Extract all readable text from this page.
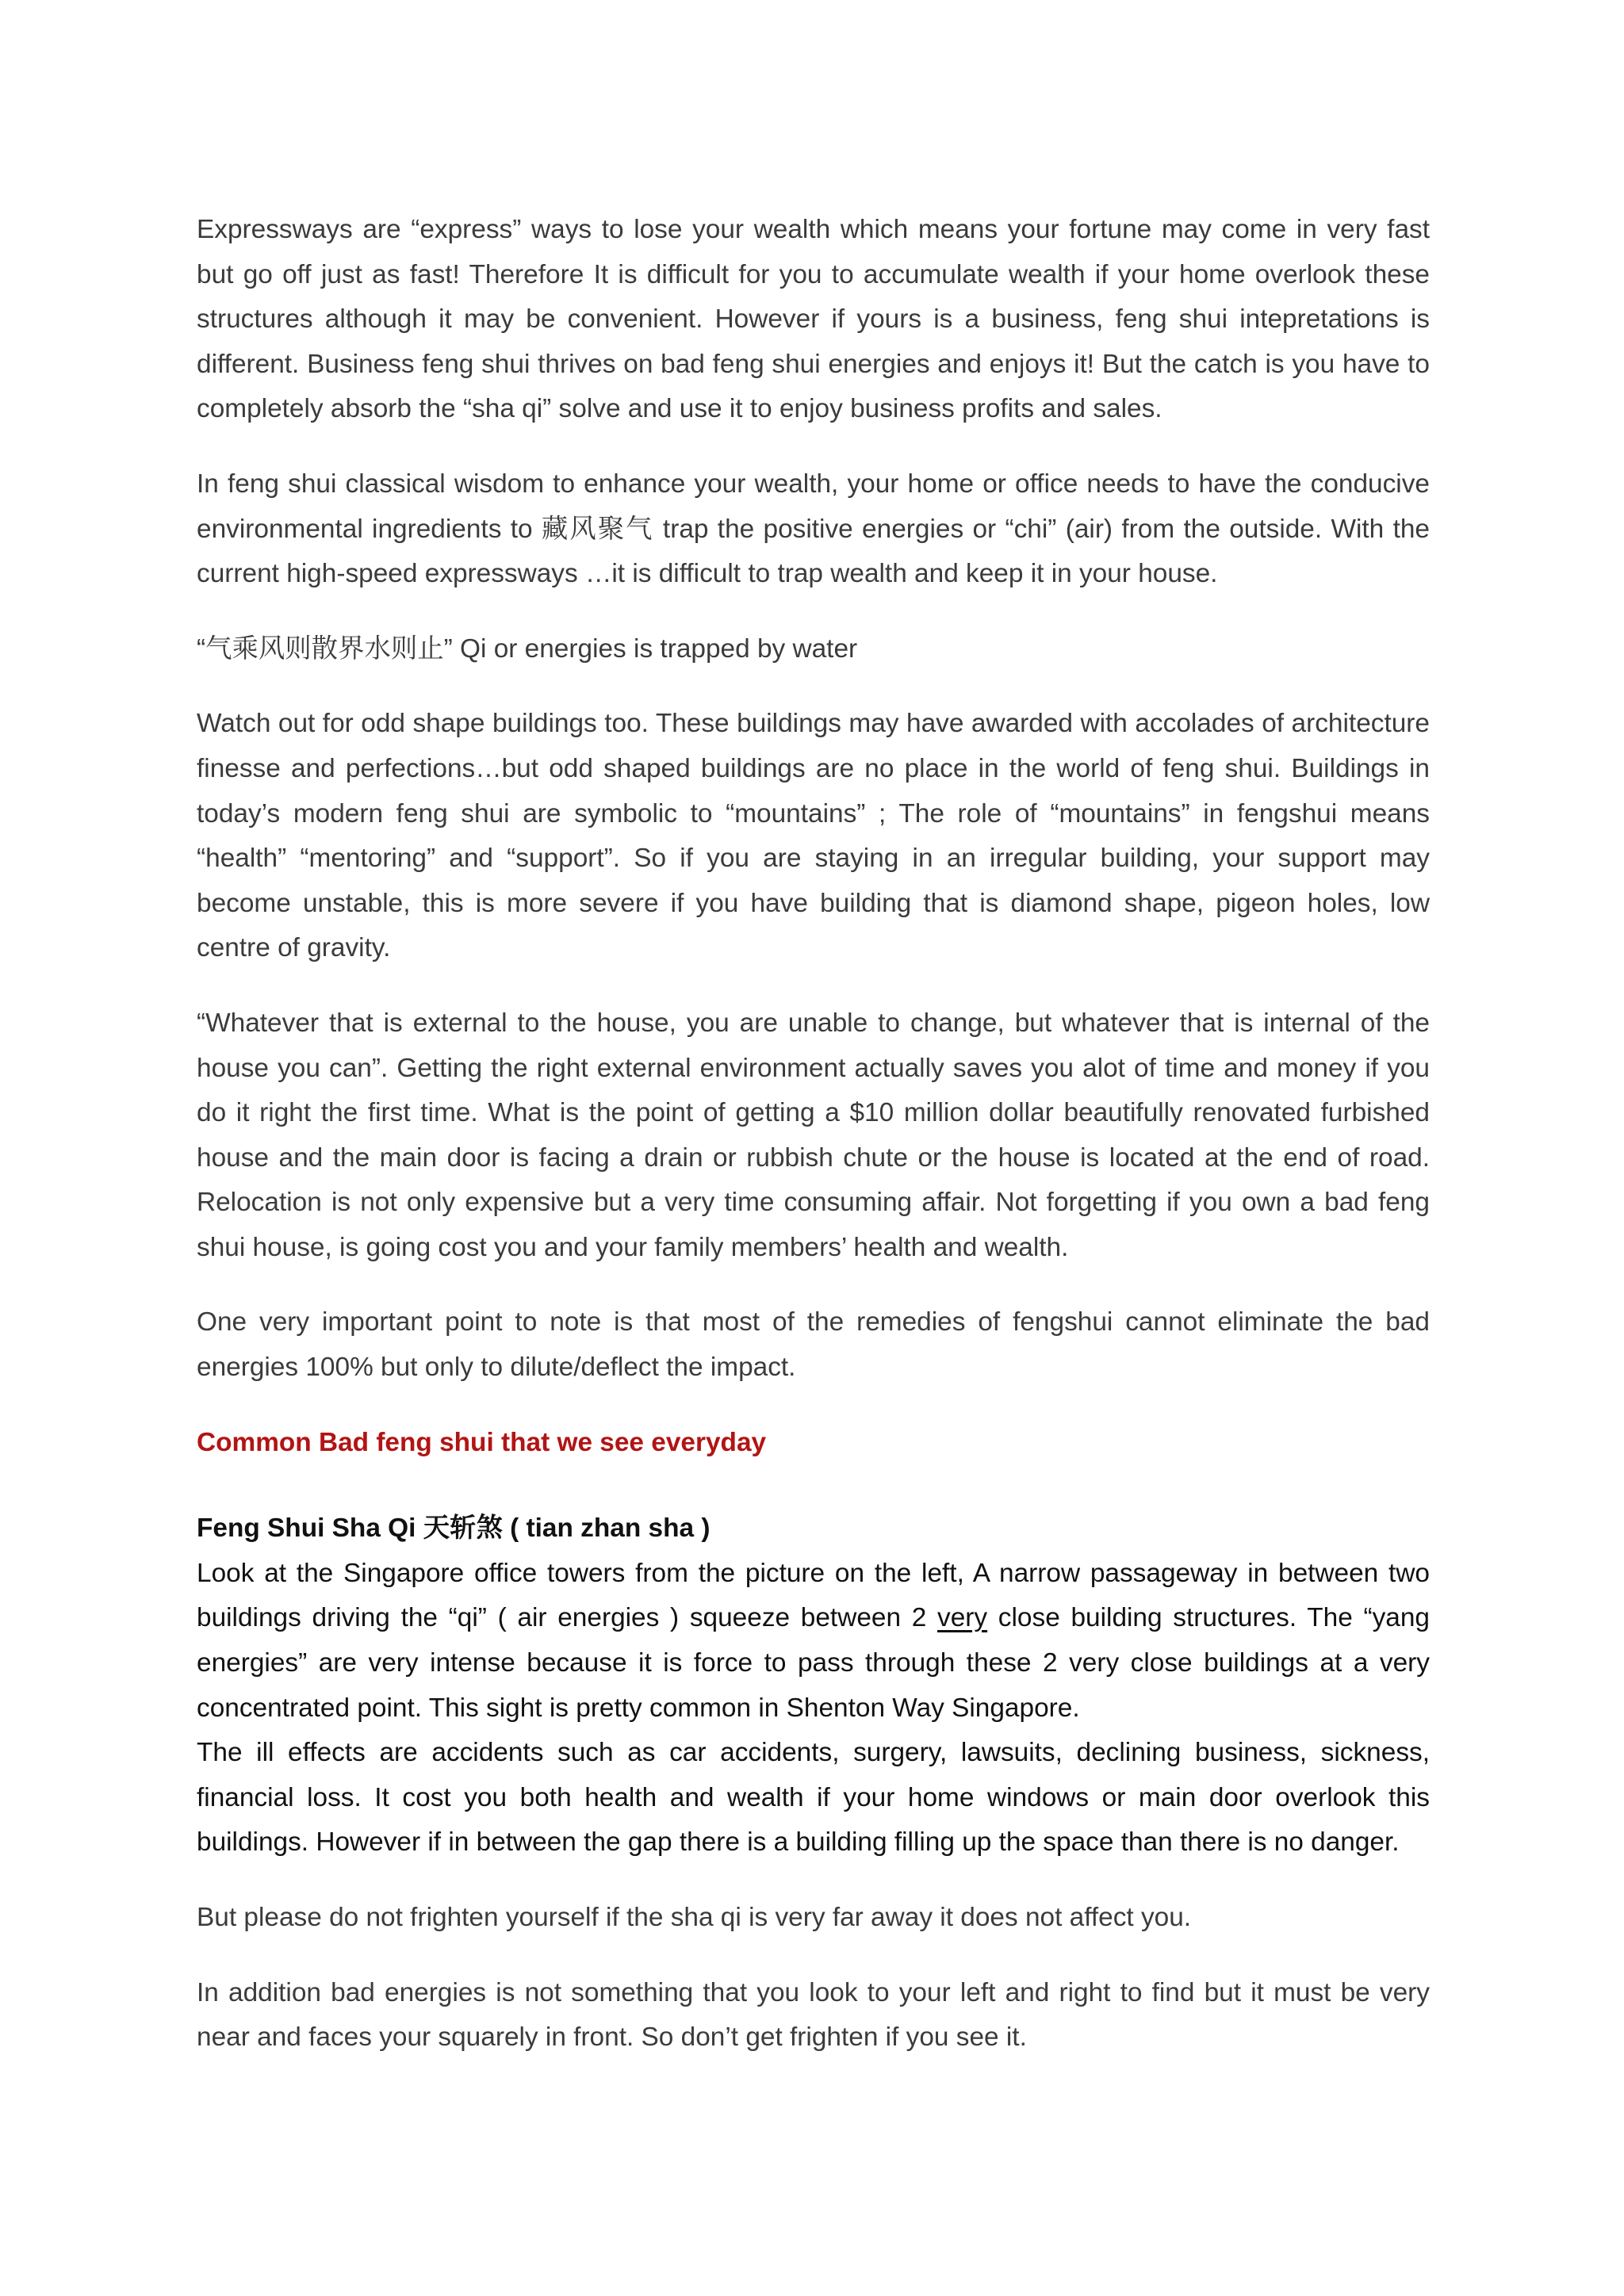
Expressways are “express” ways to lose your wealth which means your fortune may come in very fast but go off just as fast! Therefore It is difficult for you to accumulate wealth if your home overlook these structures although it may be convenient. However if yours is a business, feng shui intepretations is different. Business feng shui thrives on bad feng shui energies and enjoys it! But the catch is you have to completely absorb the “sha qi” solve and use it to enjoy business profits and sales.

In feng shui classical wisdom to enhance your wealth, your home or office needs to have the conducive environmental ingredients to 藏风聚气 trap the positive energies or “chi” (air) from the outside. With the current high-speed expressways …it is difficult to trap wealth and keep it in your house.

“气乘风则散界水则止” Qi or energies is trapped by water

Watch out for odd shape buildings too. These buildings may have awarded with accolades of architecture finesse and perfections…but odd shaped buildings are no place in the world of feng shui. Buildings in today’s modern feng shui are symbolic to “mountains” ; The role of “mountains” in fengshui means “health” “mentoring” and “support”. So if you are staying in an irregular building, your support may become unstable, this is more severe if you have building that is diamond shape, pigeon holes, low centre of gravity.

“Whatever that is external to the house, you are unable to change, but whatever that is internal of the house you can”. Getting the right external environment actually saves you alot of time and money if you do it right the first time. What is the point of getting a $10 million dollar beautifully renovated furbished house and the main door is facing a drain or rubbish chute or the house is located at the end of road. Relocation is not only expensive but a very time consuming affair. Not forgetting if you own a bad feng shui house, is going cost you and your family members’ health and wealth.

One very important point to note is that most of the remedies of fengshui cannot eliminate the bad energies 100% but only to dilute/deflect the impact.

Common Bad feng shui that we see everyday
Feng Shui Sha Qi 天斩煞 ( tian zhan sha )

Look at the Singapore office towers from the picture on the left, A narrow passageway in between two buildings driving the “qi” ( air energies ) squeeze between 2 very close building structures. The “yang energies” are very intense because it is force to pass through these 2 very close buildings at a very concentrated point. This sight is pretty common in Shenton Way Singapore.

The ill effects are accidents such as car accidents, surgery, lawsuits, declining business, sickness, financial loss. It cost you both health and wealth if your home windows or main door overlook this buildings. However if in between the gap there is a building filling up the space than there is no danger.

But please do not frighten yourself if the sha qi is very far away it does not affect you.

In addition bad energies is not something that you look to your left and right to find but it must be very near and faces your squarely in front. So don’t get frighten if you see it.
